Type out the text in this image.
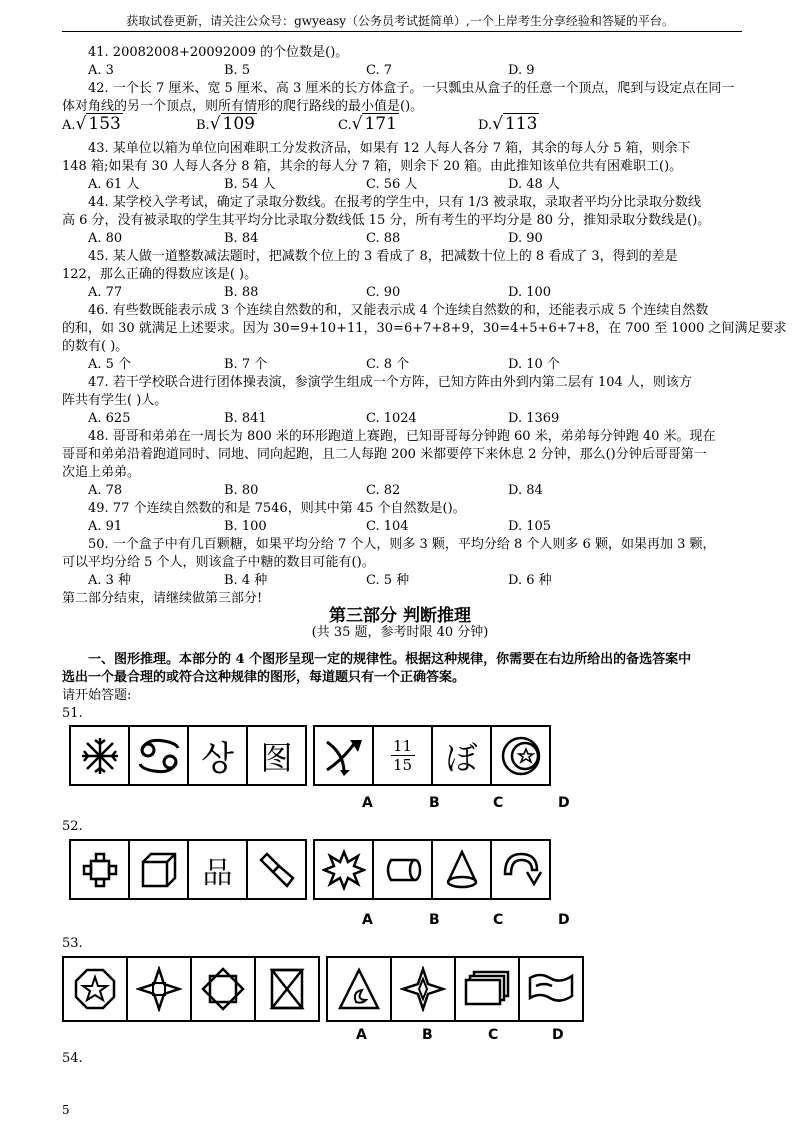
获取试卷更新，请关注公众号：gwyeasy（公务员考试挺简单）,一个上岸考生分享经验和答疑的平台。
41. 20082008+20092009 的个位数是()。
A. 3	B. 5	C. 7	D. 9
42. 一个长 7 厘米、宽 5 厘米、高 3 厘米的长方体盒子。一只瓢虫从盒子的任意一个顶点，爬到与设定点在同一
体对角线的另一个顶点，则所有情形的爬行路线的最小值是()。
A.√ 153	B.√ 109	C.√ 171	D.√ 113
43. 某单位以箱为单位向困难职工分发救济品，如果有 12 人每人各分 7 箱，其余的每人分 5 箱，则余下
148 箱;如果有 30 人每人各分 8 箱，其余的每人分 7 箱，则余下 20 箱。由此推知该单位共有困难职工()。
A. 61 人	B. 54 人	C. 56 人	D. 48 人
44. 某学校入学考试，确定了录取分数线。在报考的学生中，只有 1/3 被录取，录取者平均分比录取分数线
高 6 分，没有被录取的学生其平均分比录取分数线低 15 分，所有考生的平均分是 80 分，推知录取分数线是()。
A. 80	B. 84	C. 88	D. 90
45. 某人做一道整数减法题时，把减数个位上的 3 看成了 8，把减数十位上的 8 看成了 3，得到的差是
122，那么正确的得数应该是( )。
A. 77	B. 88	C. 90	D. 100
46. 有些数既能表示成 3 个连续自然数的和，又能表示成 4 个连续自然数的和，还能表示成 5 个连续自然数
的和，如 30 就满足上述要求。因为 30=9+10+11，30=6+7+8+9，30=4+5+6+7+8，在 700 至 1000 之间满足要求
的数有( )。
A. 5 个	B. 7 个	C. 8 个	D. 10 个
47. 若干学校联合进行团体操表演，参演学生组成一个方阵，已知方阵由外到内第二层有 104 人，则该方
阵共有学生( )人。
A. 625	B. 841	C. 1024	D. 1369
48. 哥哥和弟弟在一周长为 800 米的环形跑道上赛跑，已知哥哥每分钟跑 60 米，弟弟每分钟跑 40 米。现在
哥哥和弟弟沿着跑道同时、同地、同向起跑，且二人每跑 200 米都要停下来休息 2 分钟，那么()分钟后哥哥第一
次追上弟弟。
A. 78	B. 80	C. 82	D. 84
49. 77 个连续自然数的和是 7546，则其中第 45 个自然数是()。
A. 91	B. 100	C. 104	D. 105
50. 一个盒子中有几百颗糖，如果平均分给 7 个人，则多 3 颗，平均分给 8 个人则多 6 颗，如果再加 3 颗，
可以平均分给 5 个人，则该盒子中糖的数目可能有()。
A. 3 种	B. 4 种	C. 5 种	D. 6 种
第二部分结束，请继续做第三部分!
第三部分 判断推理
(共 35 题，参考时限 40 分钟)
一、图形推理。本部分的 4 个图形呈现一定的规律性。根据这种规律，你需要在右边所给出的备选答案中
选出一个最合理的或符合这种规律的图形，每道题只有一个正确答案。
请开始答题:
51.
상 图	11
15 ぼ
A	B	C	D
52.
品
A	B	C	D
53.
A	B	C	D
54.
5
